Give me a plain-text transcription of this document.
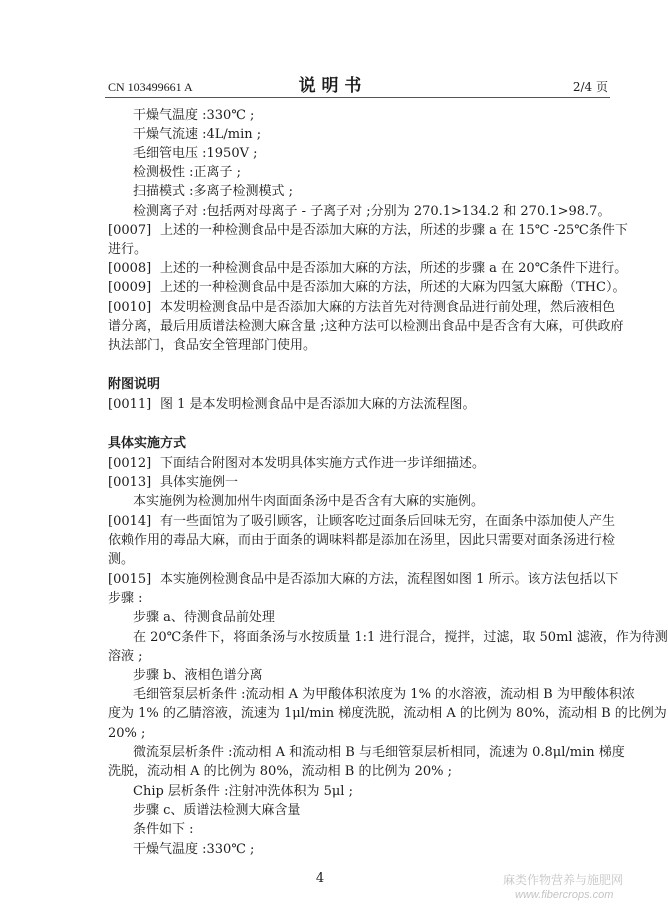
CN 103499661 A	说 明 书	2/4 页
干燥气温度 :330℃ ;
干燥气流速 :4L/min ;
毛细管电压 :1950V ;
检测极性 :正离子 ;
扫描模式 :多离子检测模式 ;
检测离子对 :包括两对母离子 - 子离子对 ;分别为 270.1>134.2 和 270.1>98.7。
[0007] 上述的一种检测食品中是否添加大麻的方法，所述的步骤 a 在 15℃ -25℃条件下
进行。
[0008] 上述的一种检测食品中是否添加大麻的方法，所述的步骤 a 在 20℃条件下进行。
[0009] 上述的一种检测食品中是否添加大麻的方法，所述的大麻为四氢大麻酚（THC）。
[0010] 本发明检测食品中是否添加大麻的方法首先对待测食品进行前处理，然后液相色
谱分离，最后用质谱法检测大麻含量 ;这种方法可以检测出食品中是否含有大麻，可供政府
执法部门，食品安全管理部门使用。
附图说明
[0011] 图 1 是本发明检测食品中是否添加大麻的方法流程图。
具体实施方式
[0012] 下面结合附图对本发明具体实施方式作进一步详细描述。
[0013] 具体实施例一
本实施例为检测加州牛肉面面条汤中是否含有大麻的实施例。
[0014] 有一些面馆为了吸引顾客，让顾客吃过面条后回味无穷，在面条中添加使人产生
依赖作用的毒品大麻，而由于面条的调味料都是添加在汤里，因此只需要对面条汤进行检
测。
[0015] 本实施例检测食品中是否添加大麻的方法，流程图如图 1 所示。该方法包括以下
步骤 :
步骤 a、待测食品前处理
在 20℃条件下，将面条汤与水按质量 1:1 进行混合，搅拌，过滤，取 50ml 滤液，作为待测
溶液 ;
步骤 b、液相色谱分离
毛细管泵层析条件 :流动相 A 为甲酸体积浓度为 1% 的水溶液，流动相 B 为甲酸体积浓
度为 1% 的乙腈溶液，流速为 1μl/min 梯度洗脱，流动相 A 的比例为 80%，流动相 B 的比例为
20% ;
微流泵层析条件 :流动相 A 和流动相 B 与毛细管泵层析相同，流速为 0.8μl/min 梯度
洗脱，流动相 A 的比例为 80%，流动相 B 的比例为 20% ;
Chip 层析条件 :注射冲洗体积为 5μl ;
步骤 c、质谱法检测大麻含量
条件如下 :
干燥气温度 :330℃ ;
4	麻类作物营养与施肥网
www.fibercrops.com
